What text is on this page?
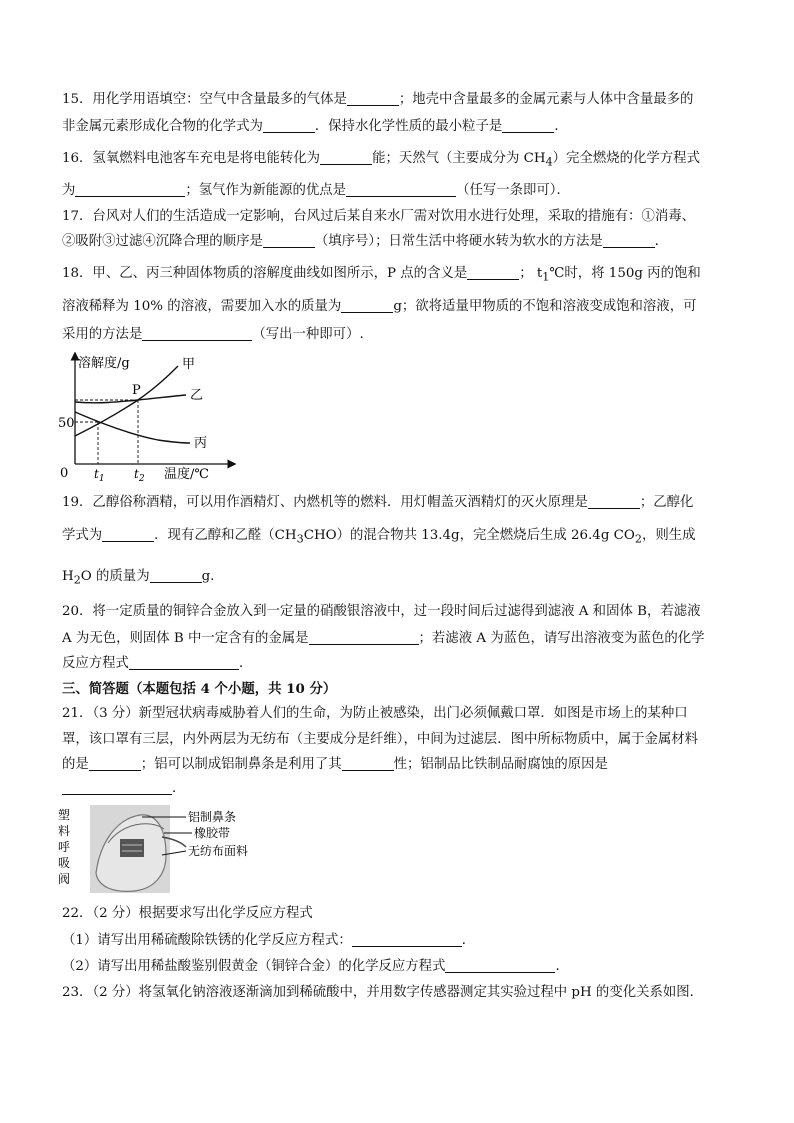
15．用化学用语填空：空气中含量最多的气体是	；地壳中含量最多的金属元素与人体中含量最多的
非金属元素形成化合物的化学式为	．保持水化学性质的最小粒子是	．
16．氢氧燃料电池客车充电是将电能转化为	能；天然气（主要成分为 $CH_4$）完全燃烧的化学方程式
为	；氢气作为新能源的优点是	（任写一条即可）．
17．台风对人们的生活造成一定影响，台风过后某自来水厂需对饮用水进行处理，采取的措施有：①消毒、
②吸附③过滤④沉降合理的顺序是	（填序号）；日常生活中将硬水转为软水的方法是	．
18．甲、乙、丙三种固体物质的溶解度曲线如图所示，P 点的含义是	； $t_1℃$时，将 150g 丙的饱和
溶液稀释为 10% 的溶液，需要加入水的质量为	g；欲将适量甲物质的不饱和溶液变成饱和溶液，可
采用的方法是	（写出一种即可）.
溶解度/g
50
0 $t_1$ $t_2$ 温度/℃
甲
乙
丙
P
19．乙醇俗称酒精，可以用作酒精灯、内燃机等的燃料．用灯帽盖灭酒精灯的灭火原理是	；乙醇化
学式为	．现有乙醇和乙醛$(CH_3CHO)$的混合物共 13.4g，完全燃烧后生成 26.4g $CO_2$，则生成
$H_2O$ 的质量为	g．
20．将一定质量的铜锌合金放入到一定量的硝酸银溶液中，过一段时间后过滤得到滤液 A 和固体 B，若滤液
A 为无色，则固体 B 中一定含有的金属是	；若滤液 A 为蓝色，请写出溶液变为蓝色的化学
反应方程式	．
三、简答题（本题包括 4 个小题，共 10 分）
21．（3 分）新型冠状病毒威胁着人们的生命，为防止被感染，出门必须佩戴口罩．如图是市场上的某种口
罩，该口罩有三层，内外两层为无纺布（主要成分是纤维），中间为过滤层．图中所标物质中，属于金属材料
的是	；铝可以制成铝制鼻条是利用了其	性；铝制品比铁制品耐腐蚀的原因是
．
塑
料
呼
吸
阀
铝制鼻条
橡胶带
无纺布面料
22．（2 分）根据要求写出化学反应方程式
（1）请写出用稀硫酸除铁锈的化学反应方程式：	．
（2）请写出用稀盐酸鉴别假黄金（铜锌合金）的化学反应方程式	．
23．（2 分）将氢氧化钠溶液逐渐滴加到稀硫酸中，并用数字传感器测定其实验过程中 pH 的变化关系如图．
